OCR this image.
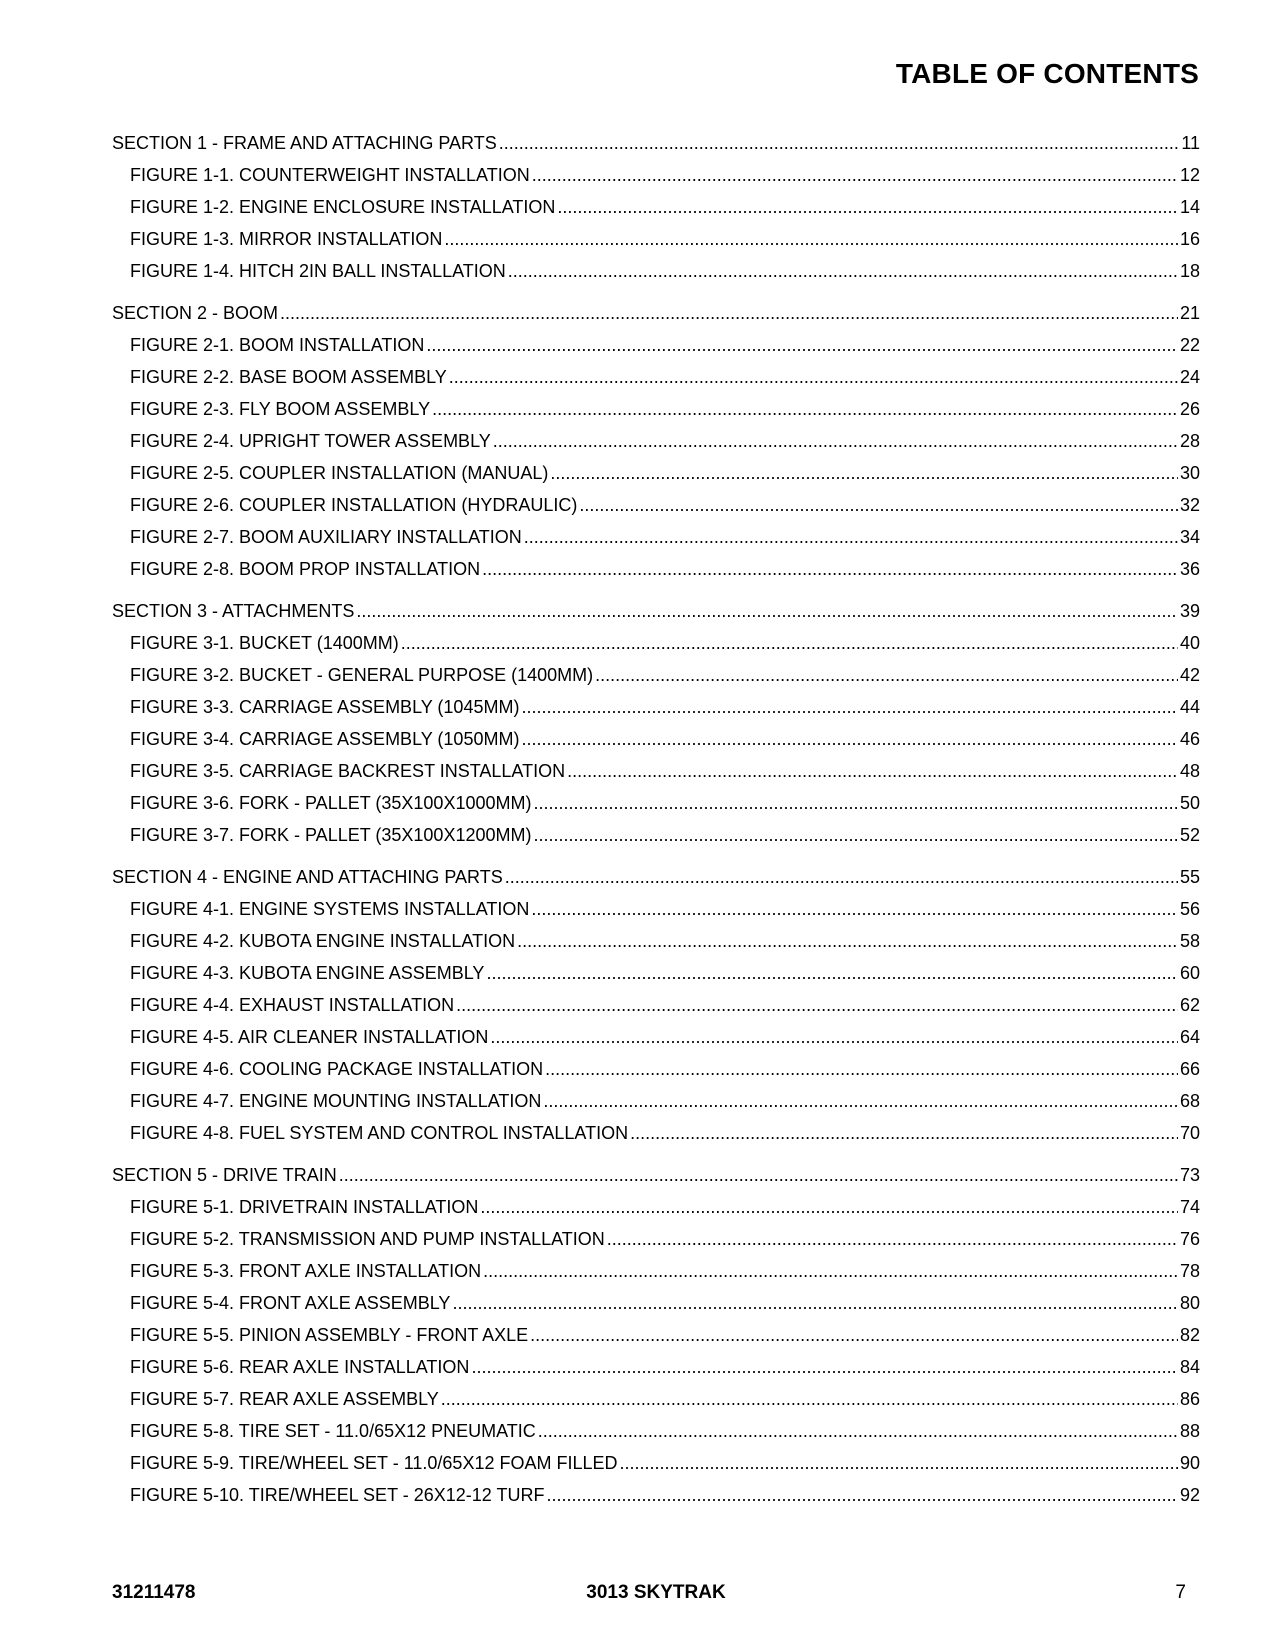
TABLE OF CONTENTS
SECTION 1 - FRAME AND ATTACHING PARTS .....	11
FIGURE 1-1. COUNTERWEIGHT INSTALLATION .....	12
FIGURE 1-2. ENGINE ENCLOSURE INSTALLATION .....	14
FIGURE 1-3. MIRROR INSTALLATION .....	16
FIGURE 1-4. HITCH 2IN BALL INSTALLATION .....	18
SECTION 2 - BOOM .....	21
FIGURE 2-1. BOOM INSTALLATION .....	22
FIGURE 2-2. BASE BOOM ASSEMBLY .....	24
FIGURE 2-3. FLY BOOM ASSEMBLY .....	26
FIGURE 2-4. UPRIGHT TOWER ASSEMBLY .....	28
FIGURE 2-5. COUPLER INSTALLATION (MANUAL) .....	30
FIGURE 2-6. COUPLER INSTALLATION (HYDRAULIC) .....	32
FIGURE 2-7. BOOM AUXILIARY INSTALLATION .....	34
FIGURE 2-8. BOOM PROP INSTALLATION .....	36
SECTION 3 - ATTACHMENTS .....	39
FIGURE 3-1. BUCKET (1400MM) .....	40
FIGURE 3-2. BUCKET - GENERAL PURPOSE (1400MM) .....	42
FIGURE 3-3. CARRIAGE ASSEMBLY (1045MM) .....	44
FIGURE 3-4. CARRIAGE ASSEMBLY (1050MM) .....	46
FIGURE 3-5. CARRIAGE BACKREST INSTALLATION .....	48
FIGURE 3-6. FORK - PALLET (35X100X1000MM) .....	50
FIGURE 3-7. FORK - PALLET (35X100X1200MM) .....	52
SECTION 4 - ENGINE AND ATTACHING PARTS .....	55
FIGURE 4-1. ENGINE SYSTEMS INSTALLATION .....	56
FIGURE 4-2. KUBOTA ENGINE INSTALLATION .....	58
FIGURE 4-3. KUBOTA ENGINE ASSEMBLY .....	60
FIGURE 4-4. EXHAUST INSTALLATION .....	62
FIGURE 4-5. AIR CLEANER INSTALLATION .....	64
FIGURE 4-6. COOLING PACKAGE INSTALLATION .....	66
FIGURE 4-7. ENGINE MOUNTING INSTALLATION .....	68
FIGURE 4-8. FUEL SYSTEM AND CONTROL INSTALLATION .....	70
SECTION 5 - DRIVE TRAIN .....	73
FIGURE 5-1. DRIVETRAIN INSTALLATION .....	74
FIGURE 5-2. TRANSMISSION AND PUMP INSTALLATION .....	76
FIGURE 5-3. FRONT AXLE INSTALLATION .....	78
FIGURE 5-4. FRONT AXLE ASSEMBLY .....	80
FIGURE 5-5. PINION ASSEMBLY - FRONT AXLE .....	82
FIGURE 5-6. REAR AXLE INSTALLATION .....	84
FIGURE 5-7. REAR AXLE ASSEMBLY .....	86
FIGURE 5-8. TIRE SET - 11.0/65X12 PNEUMATIC .....	88
FIGURE 5-9. TIRE/WHEEL SET - 11.0/65X12 FOAM FILLED .....	90
FIGURE 5-10. TIRE/WHEEL SET - 26X12-12 TURF .....	92
31211478	3013 SKYTRAK	7
